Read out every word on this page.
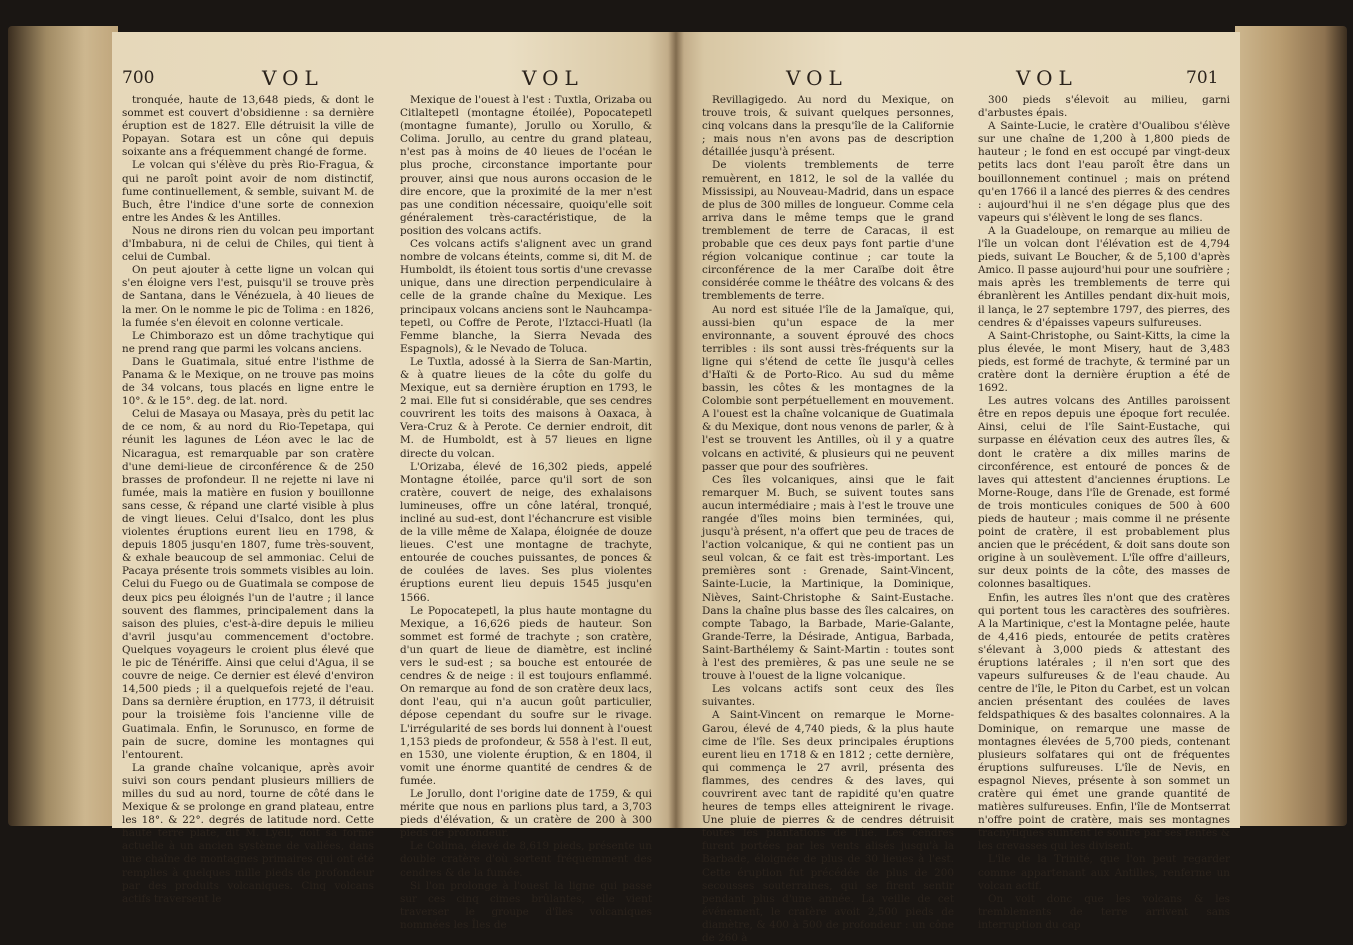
700	VOL	VOL

tronquée, haute de 13,648 pieds, & dont le sommet est couvert d'obsidienne : sa dernière éruption est de 1827. Elle détruisit la ville de Popayan. Sotara est un cône qui depuis soixante ans a fréquemment changé de forme.

Le volcan qui s'élève du près Rio-Fragua, & qui ne paroît point avoir de nom distinctif, fume continuellement, & semble, suivant M. de Buch, être l'indice d'une sorte de connexion entre les Andes & les Antilles.

Nous ne dirons rien du volcan peu important d'Imbabura, ni de celui de Chiles, qui tient à celui de Cumbal.

On peut ajouter à cette ligne un volcan qui s'en éloigne vers l'est, puisqu'il se trouve près de Santana, dans le Vénézuela, à 40 lieues de la mer. On le nomme le pic de Tolima : en 1826, la fumée s'en élevoit en colonne verticale.

Le Chimborazo est un dôme trachytique qui ne prend rang que parmi les volcans anciens.

Dans le Guatimala, situé entre l'isthme de Panama & le Mexique, on ne trouve pas moins de 34 volcans, tous placés en ligne entre le 10°. & le 15°. deg. de lat. nord.

Celui de Masaya ou Masaya, près du petit lac de ce nom, & au nord du Rio-Tepetapa, qui réunit les lagunes de Léon avec le lac de Nicaragua, est remarquable par son cratère d'une demi-lieue de circonférence & de 250 brasses de profondeur. Il ne rejette ni lave ni fumée, mais la matière en fusion y bouillonne sans cesse, & répand une clarté visible à plus de vingt lieues. Celui d'Isalco, dont les plus violentes éruptions eurent lieu en 1798, & depuis 1805 jusqu'en 1807, fume très-souvent, & exhale beaucoup de sel ammoniac. Celui de Pacaya présente trois sommets visibles au loin. Celui du Fuego ou de Guatimala se compose de deux pics peu éloignés l'un de l'autre ; il lance souvent des flammes, principalement dans la saison des pluies, c'est-à-dire depuis le milieu d'avril jusqu'au commencement d'octobre. Quelques voyageurs le croient plus élevé que le pic de Ténériffe. Ainsi que celui d'Agua, il se couvre de neige. Ce dernier est élevé d'environ 14,500 pieds ; il a quelquefois rejeté de l'eau. Dans sa dernière éruption, en 1773, il détruisit pour la troisième fois l'ancienne ville de Guatimala. Enfin, le Sorunusco, en forme de pain de sucre, domine les montagnes qui l'entourent.

La grande chaîne volcanique, après avoir suivi son cours pendant plusieurs milliers de milles du sud au nord, tourne de côté dans le Mexique & se prolonge en grand plateau, entre les 18°. & 22°. degrés de latitude nord. Cette haute terre plate, dit M. Lyell, doit sa forme actuelle à un ancien système de vallées, dans une chaîne de montagnes primaires qui ont été remplies à quelques mille pieds de profondeur par des produits volcaniques. Cinq volcans actifs traversent le

Mexique de l'ouest à l'est : Tuxtla, Orizaba ou Citlaltepetl (montagne étoilée), Popocatepetl (montagne fumante), Jorullo ou Xorullo, & Colima. Jorullo, au centre du grand plateau, n'est pas à moins de 40 lieues de l'océan le plus proche, circonstance importante pour prouver, ainsi que nous aurons occasion de le dire encore, que la proximité de la mer n'est pas une condition nécessaire, quoiqu'elle soit généralement très-caractéristique, de la position des volcans actifs.

Ces volcans actifs s'alignent avec un grand nombre de volcans éteints, comme si, dit M. de Humboldt, ils étoient tous sortis d'une crevasse unique, dans une direction perpendiculaire à celle de la grande chaîne du Mexique. Les principaux volcans anciens sont le Nauhcampa-tepetl, ou Coffre de Perote, l'Iztacci-Huatl (la Femme blanche, la Sierra Nevada des Espagnols), & le Nevado de Toluca.

Le Tuxtla, adossé à la Sierra de San-Martin, & à quatre lieues de la côte du golfe du Mexique, eut sa dernière éruption en 1793, le 2 mai. Elle fut si considérable, que ses cendres couvrirent les toits des maisons à Oaxaca, à Vera-Cruz & à Perote. Ce dernier endroit, dit M. de Humboldt, est à 57 lieues en ligne directe du volcan.

L'Orizaba, élevé de 16,302 pieds, appelé Montagne étoilée, parce qu'il sort de son cratère, couvert de neige, des exhalaisons lumineuses, offre un cône latéral, tronqué, incliné au sud-est, dont l'échancrure est visible de la ville même de Xalapa, éloignée de douze lieues. C'est une montagne de trachyte, entourée de couches puissantes, de ponces & de coulées de laves. Ses plus violentes éruptions eurent lieu depuis 1545 jusqu'en 1566.

Le Popocatepetl, la plus haute montagne du Mexique, a 16,626 pieds de hauteur. Son sommet est formé de trachyte ; son cratère, d'un quart de lieue de diamètre, est incliné vers le sud-est ; sa bouche est entourée de cendres & de neige : il est toujours enflammé. On remarque au fond de son cratère deux lacs, dont l'eau, qui n'a aucun goût particulier, dépose cependant du soufre sur le rivage. L'irrégularité de ses bords lui donnent à l'ouest 1,153 pieds de profondeur, & 558 à l'est. Il eut, en 1530, une violente éruption, & en 1804, il vomit une énorme quantité de cendres & de fumée.

Le Jorullo, dont l'origine date de 1759, & qui mérite que nous en parlions plus tard, a 3,703 pieds d'élévation, & un cratère de 200 à 300 pieds de profondeur.

Le Colima, élevé de 8,619 pieds, présente un double cratère d'où sortent fréquemment des cendres & de la fumée.

Si l'on prolonge à l'ouest la ligne qui passe sur ces cinq cimes brûlantes, elle vient traverser le groupe d'îles volcaniques nommées les Îles de

VOL	VOL	701

Revillagigedo. Au nord du Mexique, on trouve trois, & suivant quelques personnes, cinq volcans dans la presqu'île de la Californie ; mais nous n'en avons pas de description détaillée jusqu'à présent.

De violents tremblements de terre remuèrent, en 1812, le sol de la vallée du Mississipi, au Nouveau-Madrid, dans un espace de plus de 300 milles de longueur. Comme cela arriva dans le même temps que le grand tremblement de terre de Caracas, il est probable que ces deux pays font partie d'une région volcanique continue ; car toute la circonférence de la mer Caraïbe doit être considérée comme le théâtre des volcans & des tremblements de terre.

Au nord est située l'île de la Jamaïque, qui, aussi-bien qu'un espace de la mer environnante, a souvent éprouvé des chocs terribles : ils sont aussi très-fréquents sur la ligne qui s'étend de cette île jusqu'à celles d'Haïti & de Porto-Rico. Au sud du même bassin, les côtes & les montagnes de la Colombie sont perpétuellement en mouvement. A l'ouest est la chaîne volcanique de Guatimala & du Mexique, dont nous venons de parler, & à l'est se trouvent les Antilles, où il y a quatre volcans en activité, & plusieurs qui ne peuvent passer que pour des soufrières.

Ces îles volcaniques, ainsi que le fait remarquer M. Buch, se suivent toutes sans aucun intermédiaire ; mais à l'est le trouve une rangée d'îles moins bien terminées, qui, jusqu'à présent, n'a offert que peu de traces de l'action volcanique, & qui ne contient pas un seul volcan, & ce fait est très-important. Les premières sont : Grenade, Saint-Vincent, Sainte-Lucie, la Martinique, la Dominique, Nièves, Saint-Christophe & Saint-Eustache. Dans la chaîne plus basse des îles calcaires, on compte Tabago, la Barbade, Marie-Galante, Grande-Terre, la Désirade, Antigua, Barbada, Saint-Barthélemy & Saint-Martin : toutes sont à l'est des premières, & pas une seule ne se trouve à l'ouest de la ligne volcanique.

Les volcans actifs sont ceux des îles suivantes.

A Saint-Vincent on remarque le Morne-Garou, élevé de 4,740 pieds, & la plus haute cime de l'île. Ses deux principales éruptions eurent lieu en 1718 & en 1812 ; cette dernière, qui commença le 27 avril, présenta des flammes, des cendres & des laves, qui couvrirent avec tant de rapidité qu'en quatre heures de temps elles atteignirent le rivage. Une pluie de pierres & de cendres détruisit toutes les plantations de l'île. Les cendres furent portées par les vents alisés jusqu'à la Barbade, éloignée de plus de 30 lieues à l'est. Cette éruption fut précédée de plus de 200 secousses souterraines, qui se firent sentir pendant plus d'une année. La veille de cet événement, le cratère avoit 2,500 pieds de diamètre, & 400 à 500 de profondeur : un cône de 260 à

300 pieds s'élevoit au milieu, garni d'arbustes épais.

A Sainte-Lucie, le cratère d'Oualibou s'élève sur une chaîne de 1,200 à 1,800 pieds de hauteur ; le fond en est occupé par vingt-deux petits lacs dont l'eau paroît être dans un bouillonnement continuel ; mais on prétend qu'en 1766 il a lancé des pierres & des cendres : aujourd'hui il ne s'en dégage plus que des vapeurs qui s'élèvent le long de ses flancs.

A la Guadeloupe, on remarque au milieu de l'île un volcan dont l'élévation est de 4,794 pieds, suivant Le Boucher, & de 5,100 d'après Amico. Il passe aujourd'hui pour une soufrière ; mais après les tremblements de terre qui ébranlèrent les Antilles pendant dix-huit mois, il lança, le 27 septembre 1797, des pierres, des cendres & d'épaisses vapeurs sulfureuses.

A Saint-Christophe, ou Saint-Kitts, la cime la plus élevée, le mont Misery, haut de 3,483 pieds, est formé de trachyte, & terminé par un cratère dont la dernière éruption a été de 1692.

Les autres volcans des Antilles paroissent être en repos depuis une époque fort reculée. Ainsi, celui de l'île Saint-Eustache, qui surpasse en élévation ceux des autres îles, & dont le cratère a dix milles marins de circonférence, est entouré de ponces & de laves qui attestent d'anciennes éruptions. Le Morne-Rouge, dans l'île de Grenade, est formé de trois monticules coniques de 500 à 600 pieds de hauteur ; mais comme il ne présente point de cratère, il est probablement plus ancien que le précédent, & doit sans doute son origine à un soulèvement. L'île offre d'ailleurs, sur deux points de la côte, des masses de colonnes basaltiques.

Enfin, les autres îles n'ont que des cratères qui portent tous les caractères des soufrières. A la Martinique, c'est la Montagne pelée, haute de 4,416 pieds, entourée de petits cratères s'élevant à 3,000 pieds & attestant des éruptions latérales ; il n'en sort que des vapeurs sulfureuses & de l'eau chaude. Au centre de l'île, le Piton du Carbet, est un volcan ancien présentant des coulées de laves feldspathiques & des basaltes colonnaires. A la Dominique, on remarque une masse de montagnes élevées de 5,700 pieds, contenant plusieurs solfatares qui ont de fréquentes éruptions sulfureuses. L'île de Nevis, en espagnol Nieves, présente à son sommet un cratère qui émet une grande quantité de matières sulfureuses. Enfin, l'île de Montserrat n'offre point de cratère, mais ses montagnes trachytiques suintent le soufre par ses fentes & les crevasses qui les divisent.

L'île de la Trinité, que l'on peut regarder comme appartenant aux Antilles, renferme un volcan actif.

On voit donc que les volcans & les tremblements de terre arrivent sans interruption du cap
